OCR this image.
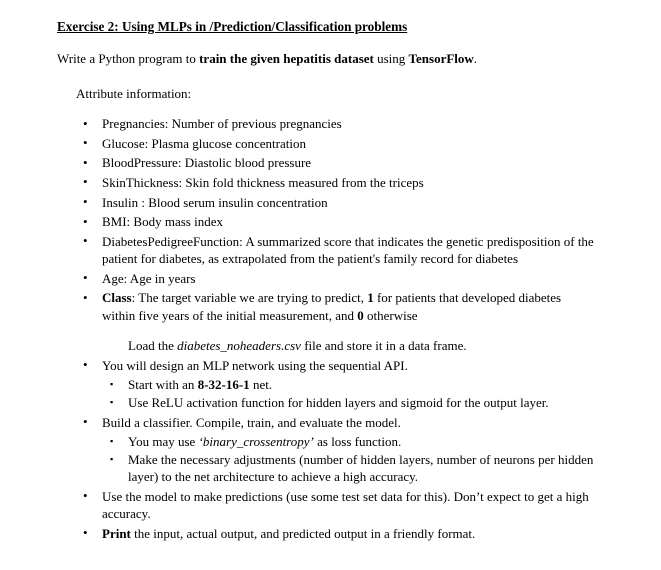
Exercise 2: Using MLPs in /Prediction/Classification problems
Write a Python program to train the given hepatitis dataset using TensorFlow.
Attribute information:
• Pregnancies: Number of previous pregnancies
• Glucose: Plasma glucose concentration
• BloodPressure: Diastolic blood pressure
• SkinThickness: Skin fold thickness measured from the triceps
• Insulin : Blood serum insulin concentration
• BMI: Body mass index
• DiabetesPedigreeFunction: A summarized score that indicates the genetic predisposition of the patient for diabetes, as extrapolated from the patient's family record for diabetes
• Age: Age in years
• Class: The target variable we are trying to predict, 1 for patients that developed diabetes within five years of the initial measurement, and 0 otherwise
Load the diabetes_noheaders.csv file and store it in a data frame.
• You will design an MLP network using the sequential API.
▪ Start with an 8-32-16-1 net.
▪ Use ReLU activation function for hidden layers and sigmoid for the output layer.
• Build a classifier. Compile, train, and evaluate the model.
▪ You may use ‘binary_crossentropy’ as loss function.
▪ Make the necessary adjustments (number of hidden layers, number of neurons per hidden layer) to the net architecture to achieve a high accuracy.
• Use the model to make predictions (use some test set data for this). Don’t expect to get a high accuracy.
• Print the input, actual output, and predicted output in a friendly format.
